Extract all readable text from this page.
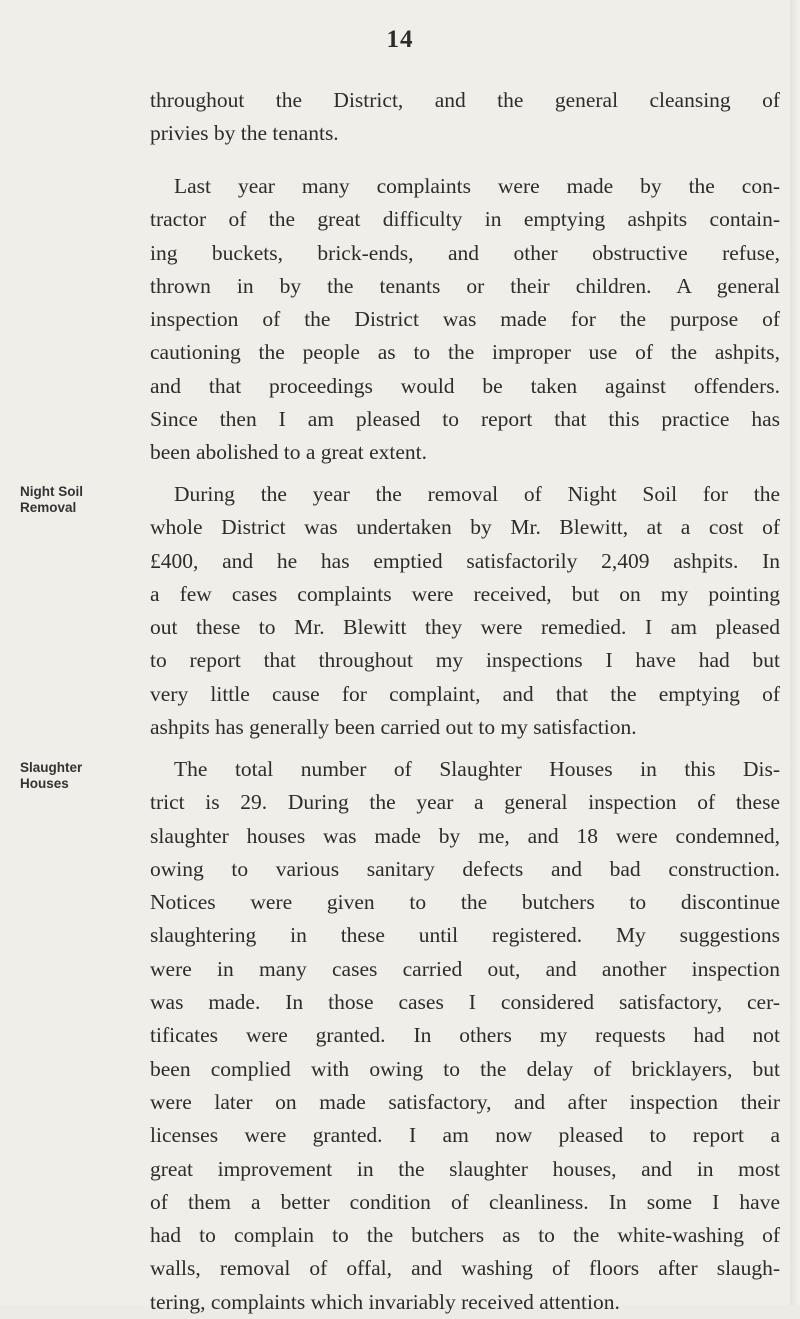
14
throughout the District, and the general cleansing of
privies by the tenants.
Last year many complaints were made by the con-
tractor of the great difficulty in emptying ashpits contain-
ing buckets, brick-ends, and other obstructive refuse,
thrown in by the tenants or their children. A general
inspection of the District was made for the purpose of
cautioning the people as to the improper use of the ashpits,
and that proceedings would be taken against offenders.
Since then I am pleased to report that this practice has
been abolished to a great extent.
Night Soil
Removal
During the year the removal of Night Soil for the
whole District was undertaken by Mr. Blewitt, at a cost of
£400, and he has emptied satisfactorily 2,409 ashpits. In
a few cases complaints were received, but on my pointing
out these to Mr. Blewitt they were remedied. I am pleased
to report that throughout my inspections I have had but
very little cause for complaint, and that the emptying of
ashpits has generally been carried out to my satisfaction.
Slaughter
Houses
The total number of Slaughter Houses in this Dis-
trict is 29. During the year a general inspection of these
slaughter houses was made by me, and 18 were condemned,
owing to various sanitary defects and bad construction.
Notices were given to the butchers to discontinue
slaughtering in these until registered. My suggestions
were in many cases carried out, and another inspection
was made. In those cases I considered satisfactory, cer-
tificates were granted. In others my requests had not
been complied with owing to the delay of bricklayers, but
were later on made satisfactory, and after inspection their
licenses were granted. I am now pleased to report a
great improvement in the slaughter houses, and in most
of them a better condition of cleanliness. In some I have
had to complain to the butchers as to the white-washing of
walls, removal of offal, and washing of floors after slaugh-
tering, complaints which invariably received attention.
